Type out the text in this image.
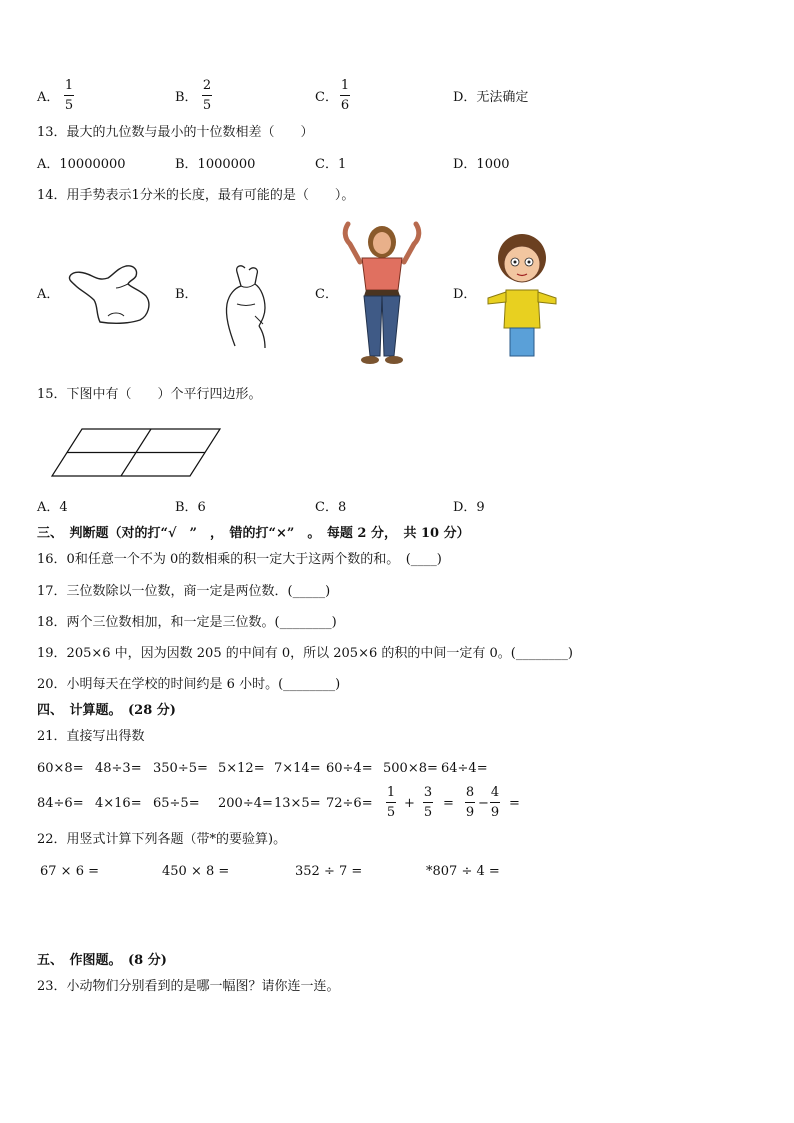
A．
1
5
B．
2
5
C．
1
6
D．无法确定
13．最大的九位数与最小的十位数相差（　　）
A．10000000	B．1000000	C．1	D．1000
14．用手势表示1分米的长度，最有可能的是（　　）。
A．	B．	C．	D．
15．下图中有（　　）个平行四边形。
A．4	B．6	C．8	D．9
三、　判断题（对的打“√　”　，　错的打“×”　。　每题 2 分，　共 10 分）
16．0和任意一个不为 0的数相乘的积一定大于这两个数的和。　(____)
17．三位数除以一位数，商一定是两位数．(_____)
18．两个三位数相加，和一定是三位数。(________)
19．205×6 中，因为因数 205 的中间有 0，所以 205×6 的积的中间一定有 0。(________)
20．小明每天在学校的时间约是 6 小时。(________)
四、　计算题。　(28 分)
21．直接写出得数
60×8= 48÷3= 350÷5= 5×12= 7×14= 60÷4= 500×8= 64÷4=
84÷6= 4×16= 65÷5= 200÷4= 13×5= 72÷6=
1
5
+
3
5
=
8
9
−
4
9
=
22．用竖式计算下列各题（带*的要验算)。
67 × 6 =	450 × 8 =	352 ÷ 7 =	*807 ÷ 4 =
五、　作图题。　(8 分)
23．小动物们分别看到的是哪一幅图？请你连一连。
